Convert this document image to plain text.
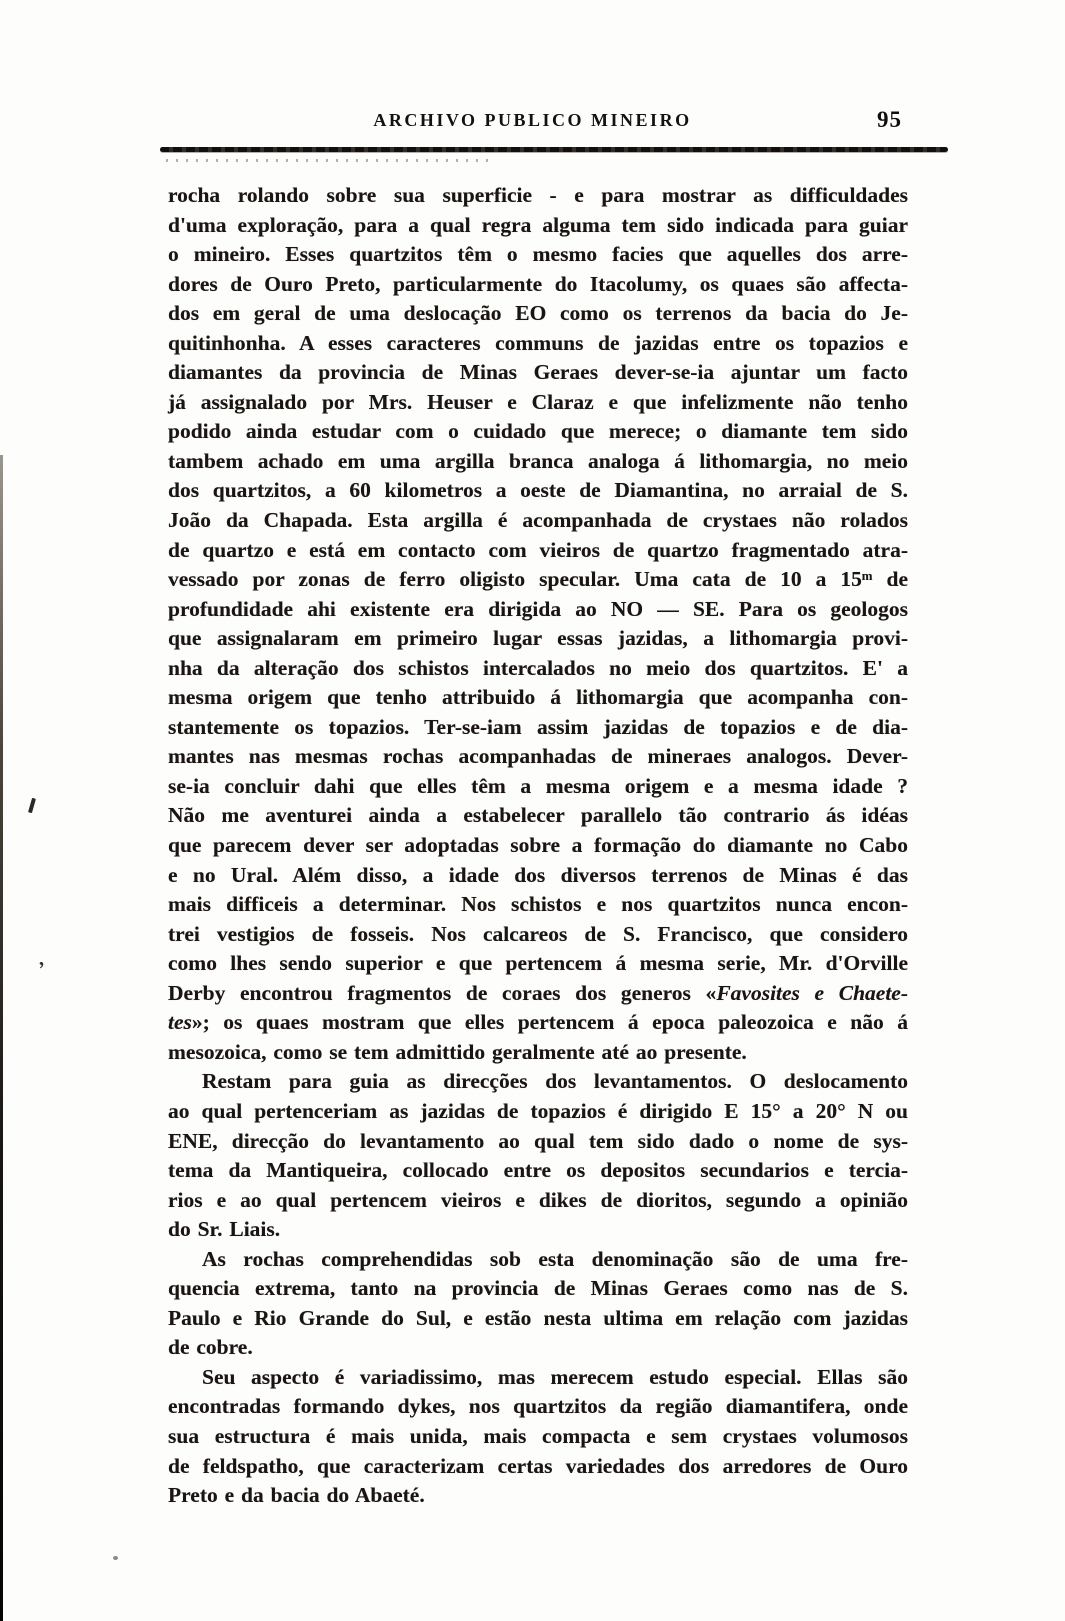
ARCHIVO PUBLICO MINEIRO	95
rocha rolando sobre sua superficie - e para mostrar as difficuldades
d'uma exploração, para a qual regra alguma tem sido indicada para guiar
o mineiro. Esses quartzitos têm o mesmo facies que aquelles dos arre-
dores de Ouro Preto, particularmente do Itacolumy, os quaes são affecta-
dos em geral de uma deslocação EO como os terrenos da bacia do Je-
quitinhonha. A esses caracteres communs de jazidas entre os topazios e
diamantes da provincia de Minas Geraes dever-se-ia ajuntar um facto
já assignalado por Mrs. Heuser e Claraz e que infelizmente não tenho
podido ainda estudar com o cuidado que merece; o diamante tem sido
tambem achado em uma argilla branca analoga á lithomargia, no meio
dos quartzitos, a 60 kilometros a oeste de Diamantina, no arraial de S.
João da Chapada. Esta argilla é acompanhada de crystaes não rolados
de quartzo e está em contacto com vieiros de quartzo fragmentado atra-
vessado por zonas de ferro oligisto specular. Uma cata de 10 a 15ᵐ de
profundidade ahi existente era dirigida ao NO — SE. Para os geologos
que assignalaram em primeiro lugar essas jazidas, a lithomargia provi-
nha da alteração dos schistos intercalados no meio dos quartzitos. E' a
mesma origem que tenho attribuido á lithomargia que acompanha con-
stantemente os topazios. Ter-se-iam assim jazidas de topazios e de dia-
mantes nas mesmas rochas acompanhadas de mineraes analogos. Dever-
se-ia concluir dahi que elles têm a mesma origem e a mesma idade ?
Não me aventurei ainda a estabelecer parallelo tão contrario ás idéas
que parecem dever ser adoptadas sobre a formação do diamante no Cabo
e no Ural. Além disso, a idade dos diversos terrenos de Minas é das
mais difficeis a determinar. Nos schistos e nos quartzitos nunca encon-
trei vestigios de fosseis. Nos calcareos de S. Francisco, que considero
como lhes sendo superior e que pertencem á mesma serie, Mr. d'Orville
Derby encontrou fragmentos de coraes dos generos «Favosites e Chaete-
tes»; os quaes mostram que elles pertencem á epoca paleozoica e não á
mesozoica, como se tem admittido geralmente até ao presente.
Restam para guia as direcções dos levantamentos. O deslocamento
ao qual pertenceriam as jazidas de topazios é dirigido E 15° a 20° N ou
ENE, direcção do levantamento ao qual tem sido dado o nome de sys-
tema da Mantiqueira, collocado entre os depositos secundarios e tercia-
rios e ao qual pertencem vieiros e dikes de dioritos, segundo a opinião
do Sr. Liais.
As rochas comprehendidas sob esta denominação são de uma fre-
quencia extrema, tanto na provincia de Minas Geraes como nas de S.
Paulo e Rio Grande do Sul, e estão nesta ultima em relação com jazidas
de cobre.
Seu aspecto é variadissimo, mas merecem estudo especial. Ellas são
encontradas formando dykes, nos quartzitos da região diamantifera, onde
sua estructura é mais unida, mais compacta e sem crystaes volumosos
de feldspatho, que caracterizam certas variedades dos arredores de Ouro
Preto e da bacia do Abaeté.
,
